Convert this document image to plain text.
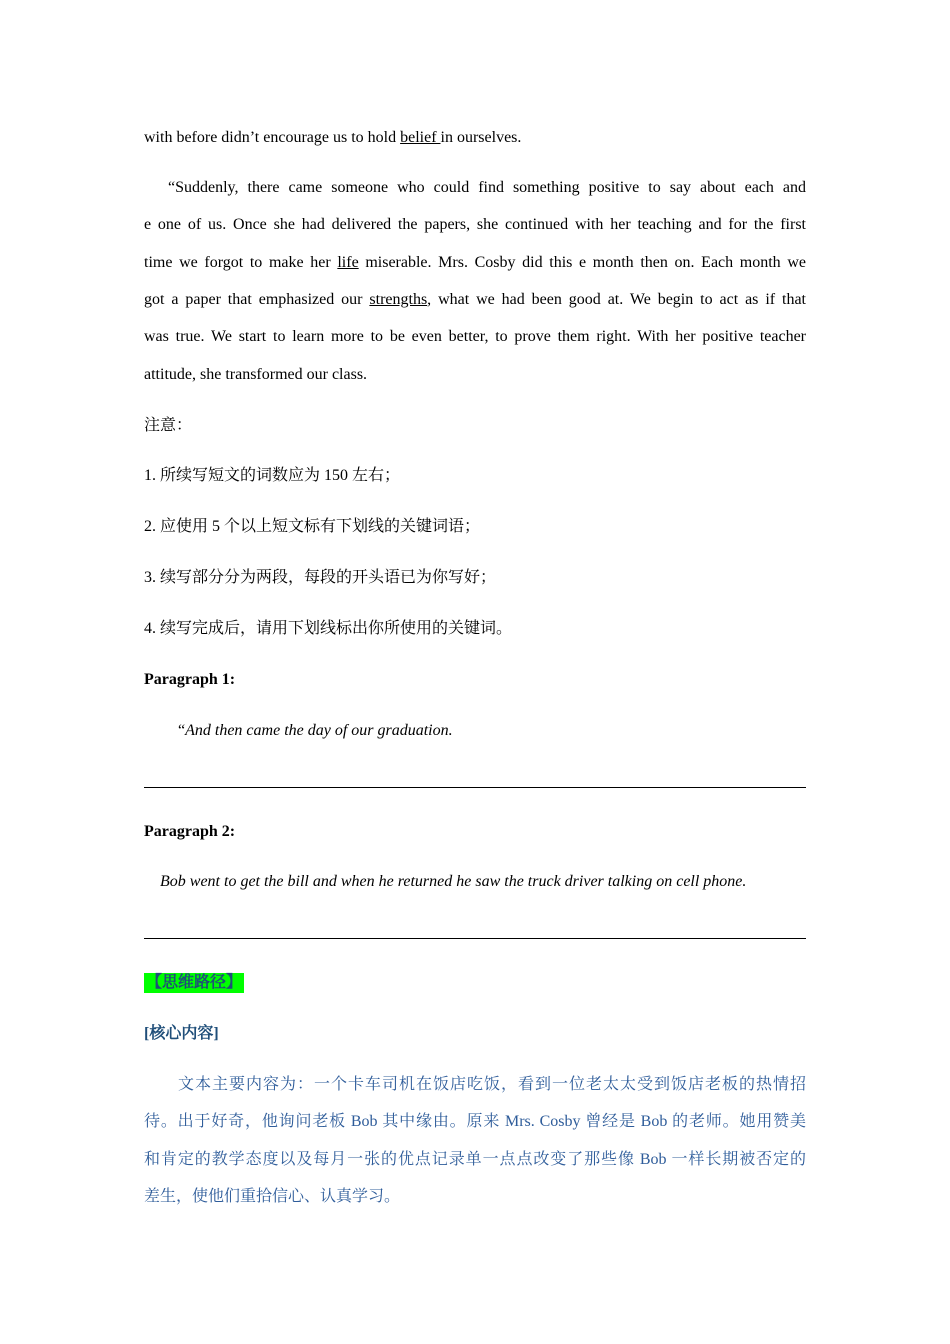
with before didn’t encourage us to hold belief in ourselves.
“Suddenly, there came someone who could find something positive to say about each and
e one of us. Once she had delivered the papers, she continued with her teaching and for the first
time we forgot to make her life miserable. Mrs. Cosby did this e month then on. Each month we
got a paper that emphasized our strengths, what we had been good at. We begin to act as if that
was true. We start to learn more to be even better, to prove them right. With her positive teacher
attitude, she transformed our class.
注意：
1. 所续写短文的词数应为 150 左右；
2. 应使用 5 个以上短文标有下划线的关键词语；
3. 续写部分分为两段，每段的开头语已为你写好；
4. 续写完成后，请用下划线标出你所使用的关键词。
Paragraph 1:
“And then came the day of our graduation.
Paragraph 2:
Bob went to get the bill and when he returned he saw the truck driver talking on cell phone.
【思维路径】
[核心内容]
文本主要内容为：一个卡车司机在饭店吃饭，看到一位老太太受到饭店老板的热情招
待。出于好奇，他询问老板 Bob 其中缘由。原来 Mrs. Cosby 曾经是 Bob 的老师。她用赞美
和肯定的教学态度以及每月一张的优点记录单一点点改变了那些像 Bob 一样长期被否定的
差生，使他们重拾信心、认真学习。
